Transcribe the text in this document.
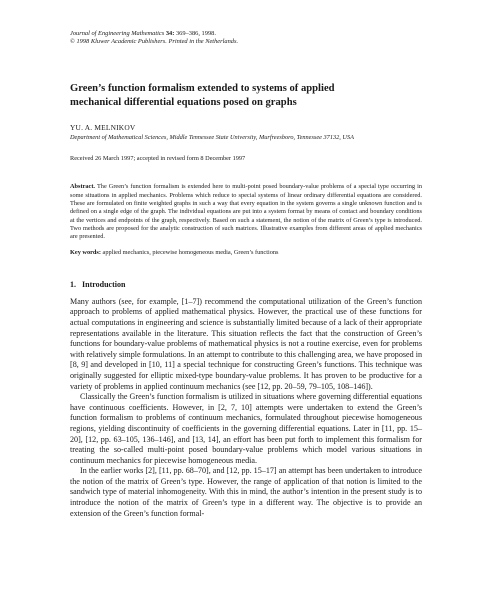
Journal of Engineering Mathematics 34: 369–386, 1998.
© 1998 Kluwer Academic Publishers. Printed in the Netherlands.
Green’s function formalism extended to systems of applied
mechanical differential equations posed on graphs
YU. A. MELNIKOV
Department of Mathematical Sciences, Middle Tennessee State University, Murfreesboro, Tennessee 37132, USA
Received 26 March 1997; accepted in revised form 8 December 1997
Abstract. The Green’s function formalism is extended here to multi-point posed boundary-value problems of a special type occurring in some situations in applied mechanics. Problems which reduce to special systems of linear ordinary differential equations are considered. These are formulated on finite weighted graphs in such a way that every equation in the system governs a single unknown function and is defined on a single edge of the graph. The individual equations are put into a system format by means of contact and boundary conditions at the vertices and endpoints of the graph, respectively. Based on such a statement, the notion of the matrix of Green’s type is introduced. Two methods are proposed for the analytic construction of such matrices. Illustrative examples from different areas of applied mechanics are presented.
Key words: applied mechanics, piecewise homogeneous media, Green’s functions
1. Introduction

Many authors (see, for example, [1–7]) recommend the computational utilization of the Green’s function approach to problems of applied mathematical physics. However, the practical use of these functions for actual computations in engineering and science is substantially limited because of a lack of their appropriate representations available in the literature. This situation reflects the fact that the construction of Green’s functions for boundary-value problems of mathematical physics is not a routine exercise, even for problems with relatively simple formulations. In an attempt to contribute to this challenging area, we have proposed in [8, 9] and developed in [10, 11] a special technique for constructing Green’s functions. This technique was originally suggested for elliptic mixed-type boundary-value problems. It has proven to be productive for a variety of problems in applied continuum mechanics (see [12, pp. 20–59, 79–105, 108–146]).

Classically the Green’s function formalism is utilized in situations where governing differential equations have continuous coefficients. However, in [2, 7, 10] attempts were undertaken to extend the Green’s function formalism to problems of continuum mechanics, formulated throughout piecewise homogeneous regions, yielding discontinuity of coefficients in the governing differential equations. Later in [11, pp. 15–20], [12, pp. 63–105, 136–146], and [13, 14], an effort has been put forth to implement this formalism for treating the so-called multi-point posed boundary-value problems which model various situations in continuum mechanics for piecewise homogeneous media.

In the earlier works [2], [11, pp. 68–70], and [12, pp. 15–17] an attempt has been undertaken to introduce the notion of the matrix of Green’s type. However, the range of application of that notion is limited to the sandwich type of material inhomogeneity. With this in mind, the author’s intention in the present study is to introduce the notion of the matrix of Green’s type in a different way. The objective is to provide an extension of the Green’s function formal-
